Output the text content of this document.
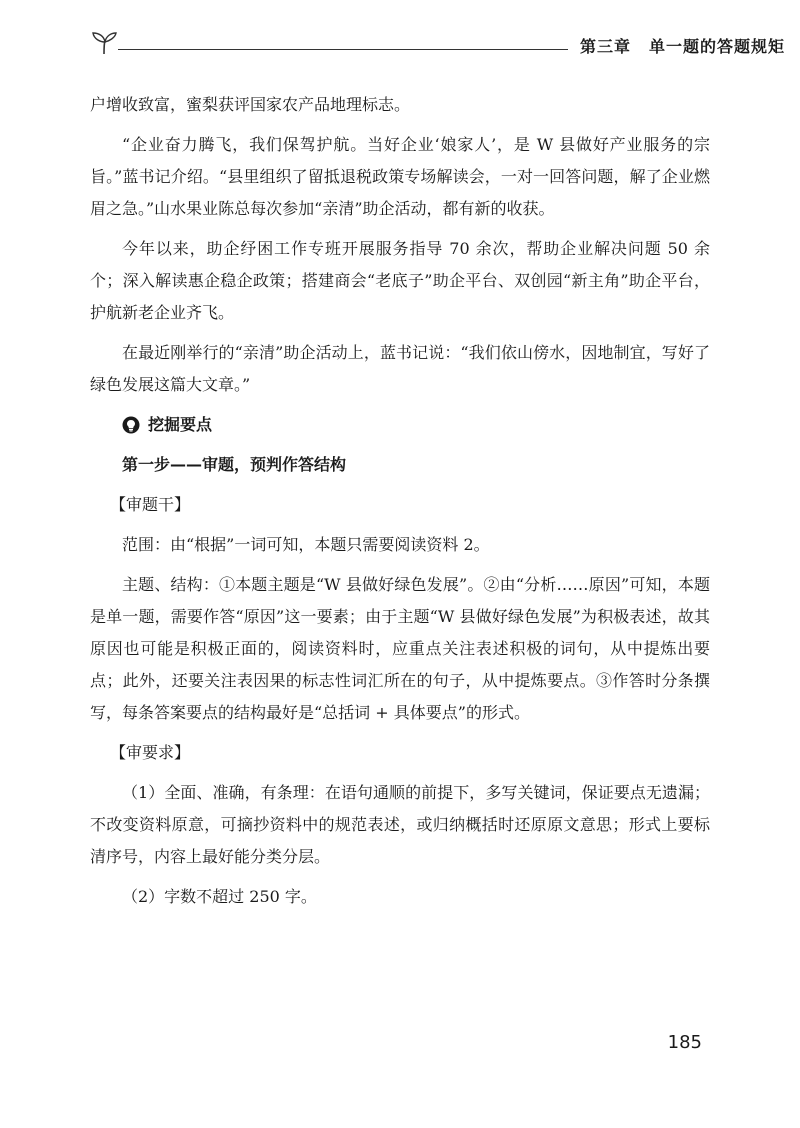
第三章 单一题的答题规矩

户增收致富，蜜梨获评国家农产品地理标志。

“企业奋力腾飞，我们保驾护航。当好企业‘娘家人’，是 W 县做好产业服务的宗旨。”蓝书记介绍。“县里组织了留抵退税政策专场解读会，一对一回答问题，解了企业燃眉之急。”山水果业陈总每次参加“亲清”助企活动，都有新的收获。

今年以来，助企纾困工作专班开展服务指导 70 余次，帮助企业解决问题 50 余个；深入解读惠企稳企政策；搭建商会“老底子”助企平台、双创园“新主角”助企平台，护航新老企业齐飞。

在最近刚举行的“亲清”助企活动上，蓝书记说：“我们依山傍水，因地制宜，写好了绿色发展这篇大文章。”

挖掘要点
第一步——审题，预判作答结构
【审题干】

范围：由“根据”一词可知，本题只需要阅读资料 2。

主题、结构：①本题主题是“W 县做好绿色发展”。②由“分析……原因”可知，本题是单一题，需要作答“原因”这一要素；由于主题“W 县做好绿色发展”为积极表述，故其原因也可能是积极正面的，阅读资料时，应重点关注表述积极的词句，从中提炼出要点；此外，还要关注表因果的标志性词汇所在的句子，从中提炼要点。③作答时分条撰写，每条答案要点的结构最好是“总括词 + 具体要点”的形式。

【审要求】

（1）全面、准确，有条理：在语句通顺的前提下，多写关键词，保证要点无遗漏；不改变资料原意，可摘抄资料中的规范表述，或归纳概括时还原原文意思；形式上要标清序号，内容上最好能分类分层。

（2）字数不超过 250 字。

185
